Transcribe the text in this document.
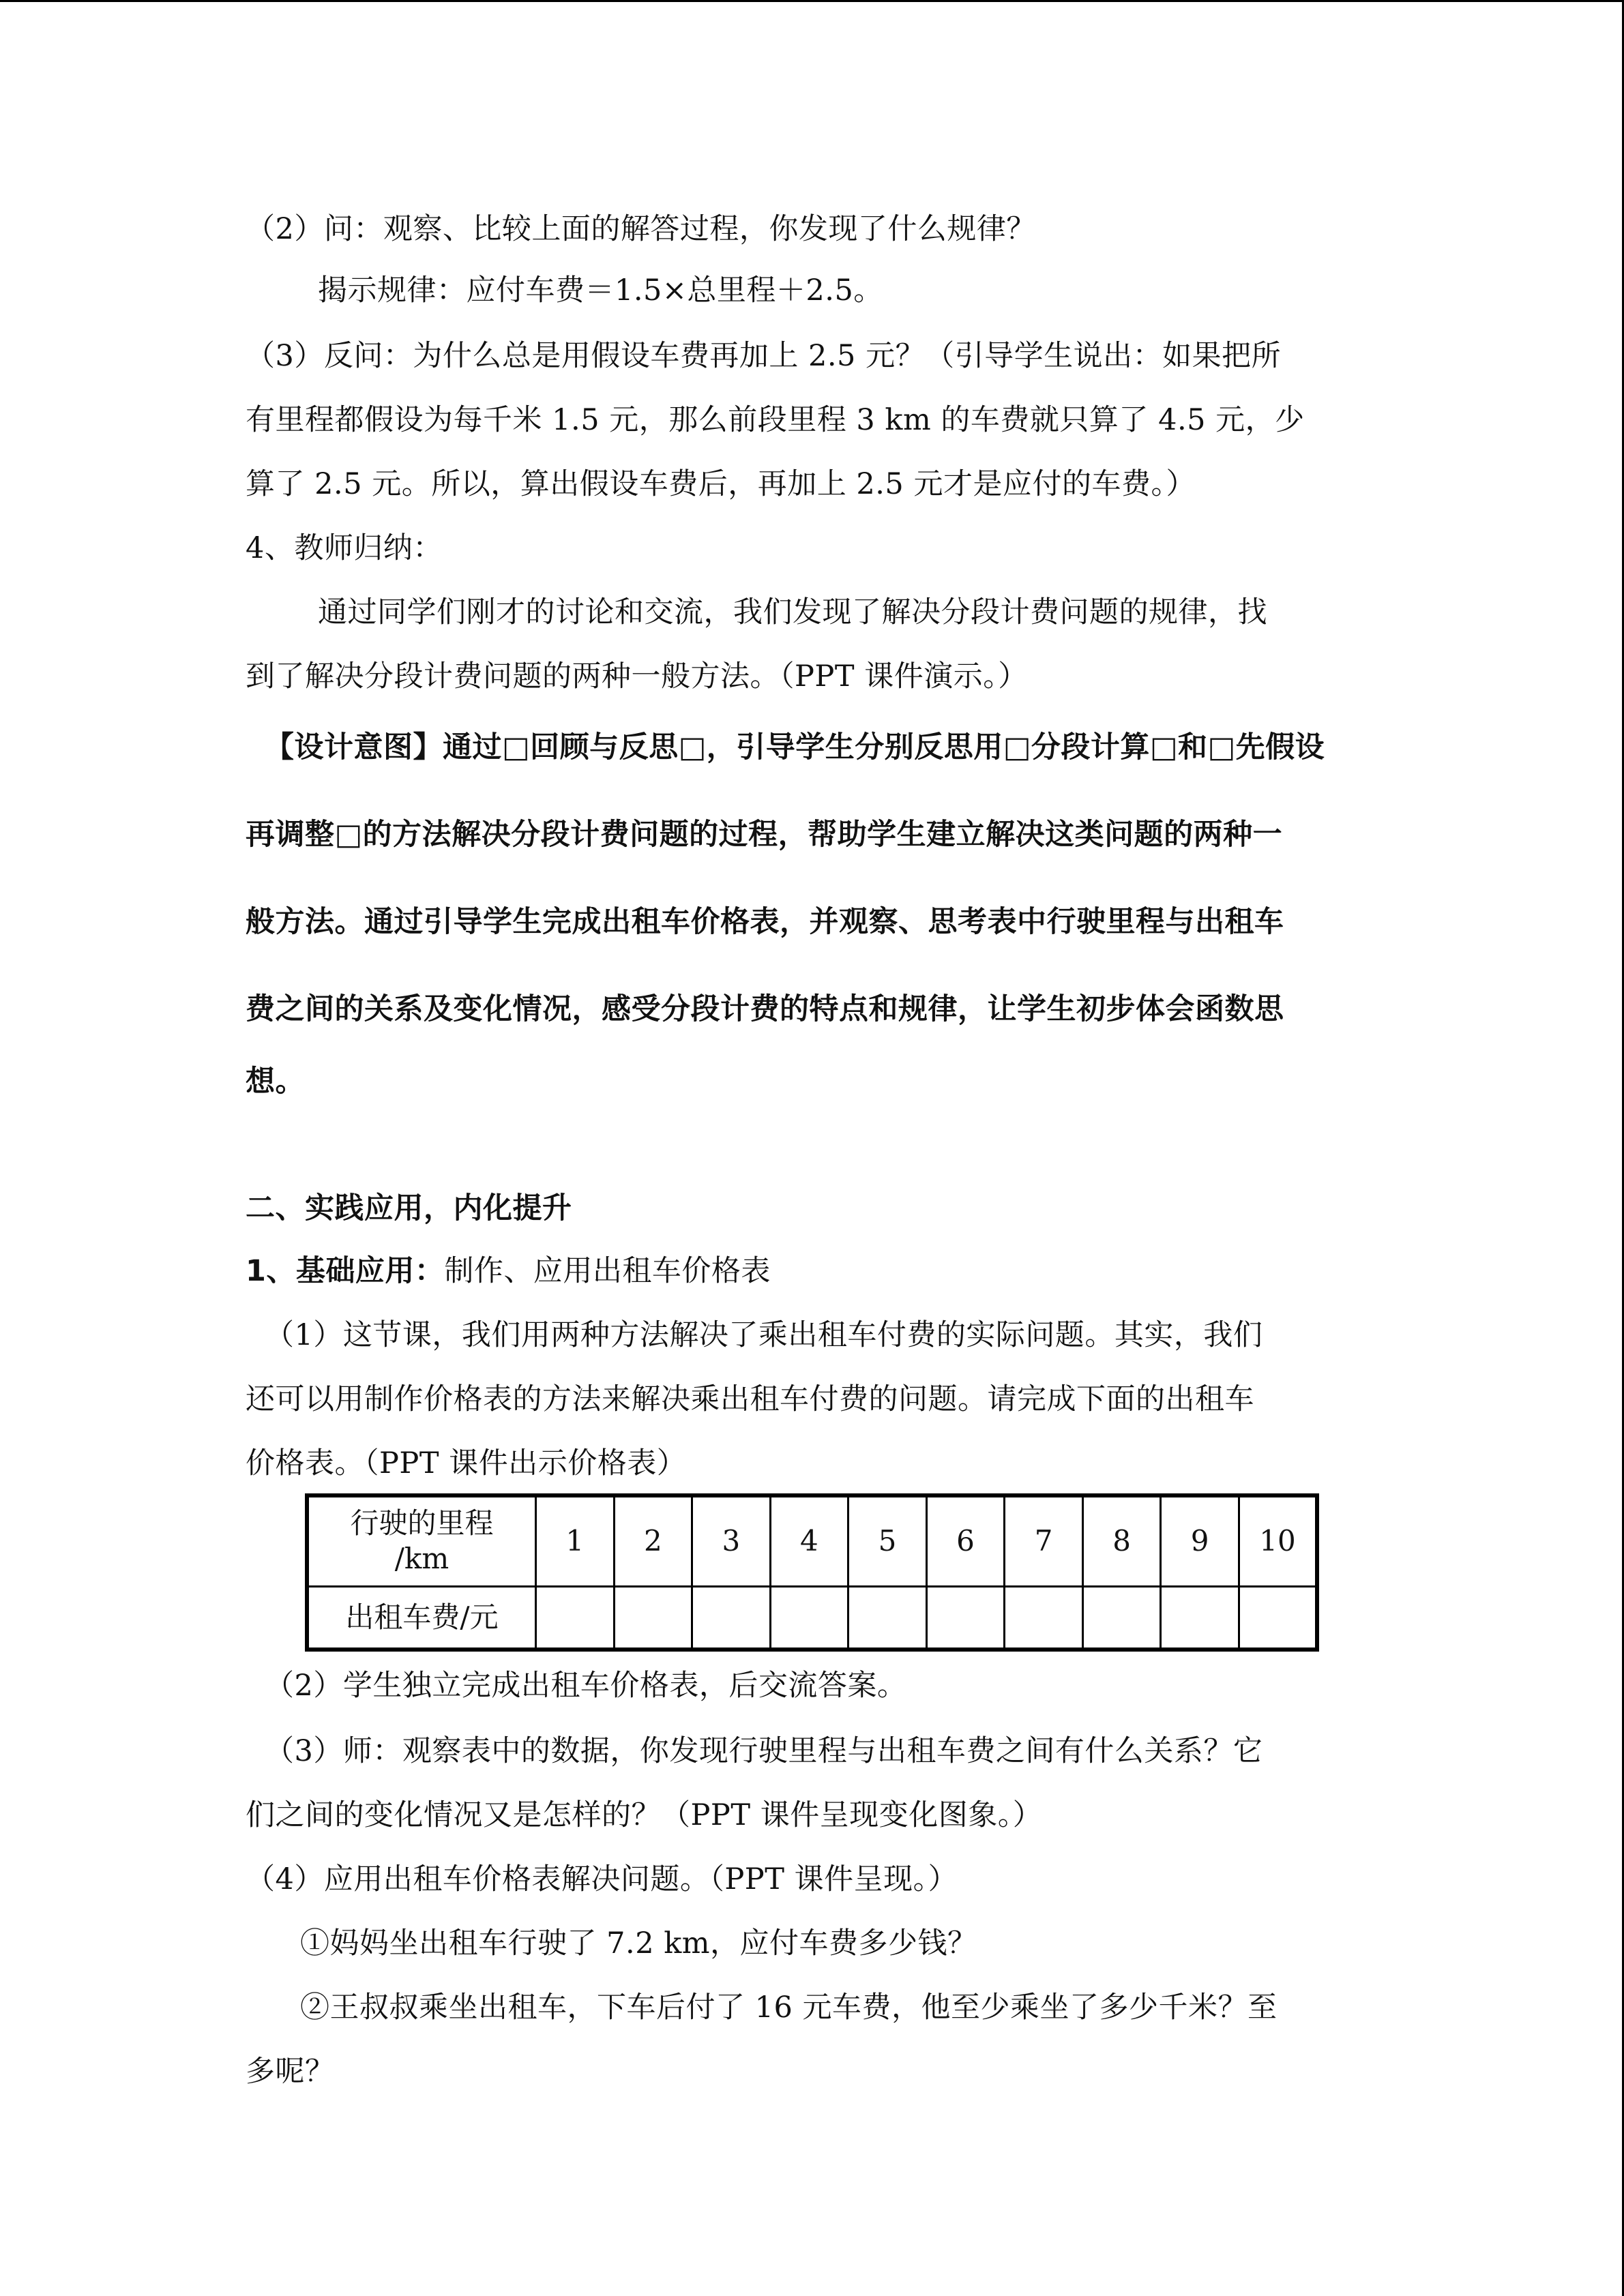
（2）问：观察、比较上面的解答过程，你发现了什么规律？
揭示规律：应付车费＝1.5×总里程＋2.5。
（3）反问：为什么总是用假设车费再加上 2.5 元？（引导学生说出：如果把所
有里程都假设为每千米 1.5 元，那么前段里程 3 km 的车费就只算了 4.5 元，少
算了 2.5 元。所以，算出假设车费后，再加上 2.5 元才是应付的车费。）
4、教师归纳：
通过同学们刚才的讨论和交流，我们发现了解决分段计费问题的规律，找
到了解决分段计费问题的两种一般方法。（PPT 课件演示。）
【设计意图】通过□回顾与反思□，引导学生分别反思用□分段计算□和□先假设
再调整□的方法解决分段计费问题的过程，帮助学生建立解决这类问题的两种一
般方法。通过引导学生完成出租车价格表，并观察、思考表中行驶里程与出租车
费之间的关系及变化情况，感受分段计费的特点和规律，让学生初步体会函数思
想。
二、实践应用，内化提升
1、基础应用：制作、应用出租车价格表
（1）这节课，我们用两种方法解决了乘出租车付费的实际问题。其实，我们
还可以用制作价格表的方法来解决乘出租车付费的问题。请完成下面的出租车
价格表。（PPT 课件出示价格表）
行驶的里程
/km	1	2	3	4	5	6	7	8	9	10
出租车费/元										
（2）学生独立完成出租车价格表，后交流答案。
（3）师：观察表中的数据，你发现行驶里程与出租车费之间有什么关系？它
们之间的变化情况又是怎样的？（PPT 课件呈现变化图象。）
（4）应用出租车价格表解决问题。（PPT 课件呈现。）
①妈妈坐出租车行驶了 7.2 km，应付车费多少钱？
②王叔叔乘坐出租车，下车后付了 16 元车费，他至少乘坐了多少千米？至
多呢？
